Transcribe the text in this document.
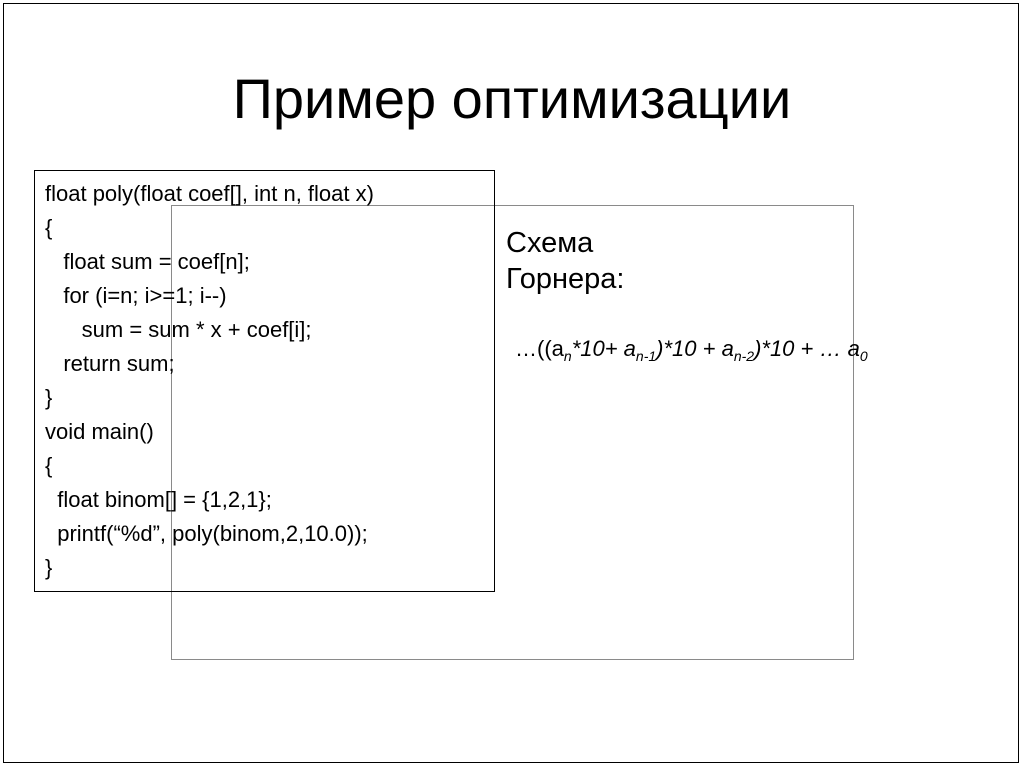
Пример оптимизации
float poly(float coef[], int n, float x)
{
float sum = coef[n];
for (i=n; i>=1; i--)
sum = sum * x + coef[i];
return sum;
}
void main()
{
float binom[] = {1,2,1};
printf(“%d”, poly(binom,2,10.0));
}
Схема
Горнера:
$\dots((a_n*10+ a_{n-1})*10 + a_{n-2})*10$ + … $a_0$
